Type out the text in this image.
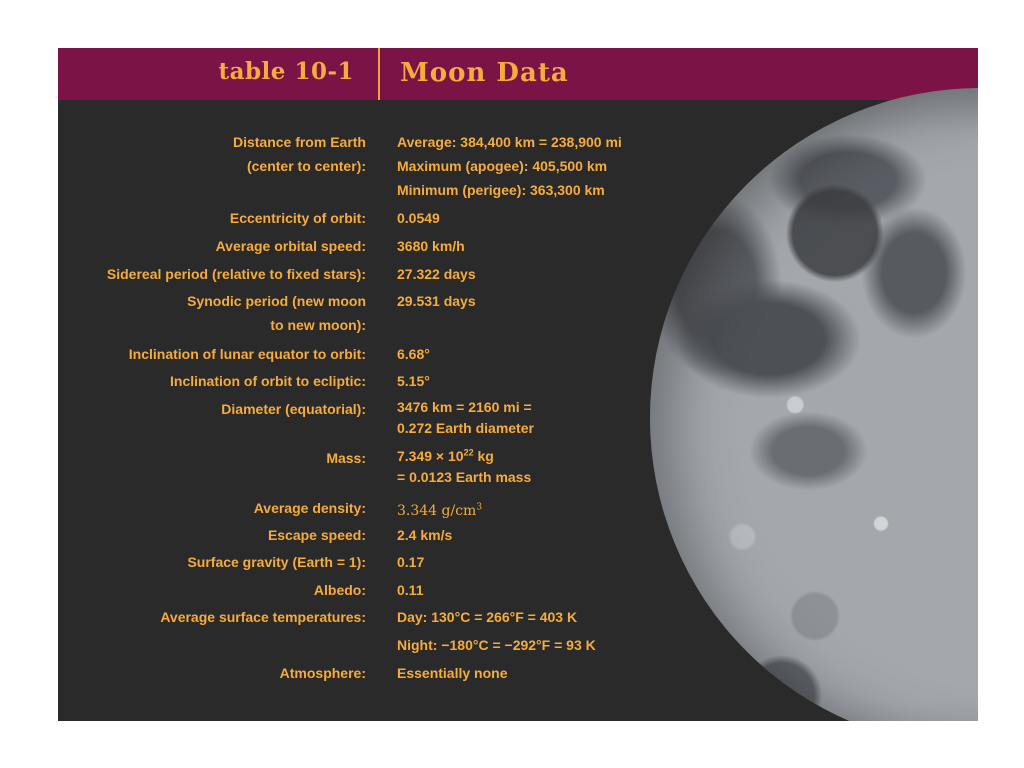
table 10-1 Moon Data
Distance from Earth
(center to center):
Average: 384,400 km = 238,900 mi
Maximum (apogee): 405,500 km
Minimum (perigee): 363,300 km
Eccentricity of orbit: 0.0549
Average orbital speed: 3680 km/h
Sidereal period (relative to fixed stars): 27.322 days
Synodic period (new moon
to new moon):
29.531 days
Inclination of lunar equator to orbit: 6.68°
Inclination of orbit to ecliptic: 5.15°
Diameter (equatorial): 3476 km = 2160 mi =
0.272 Earth diameter
Mass: $7.349 \times 10^{22}$ kg
= 0.0123 Earth mass
Average density: 3.344 $g/cm^3$
Escape speed: 2.4 km/s
Surface gravity (Earth = 1): 0.17
Albedo: 0.11
Average surface temperatures: Day: 130°C = 266°F = 403 K
Night: −180°C = −292°F = 93 K
Atmosphere: Essentially none
